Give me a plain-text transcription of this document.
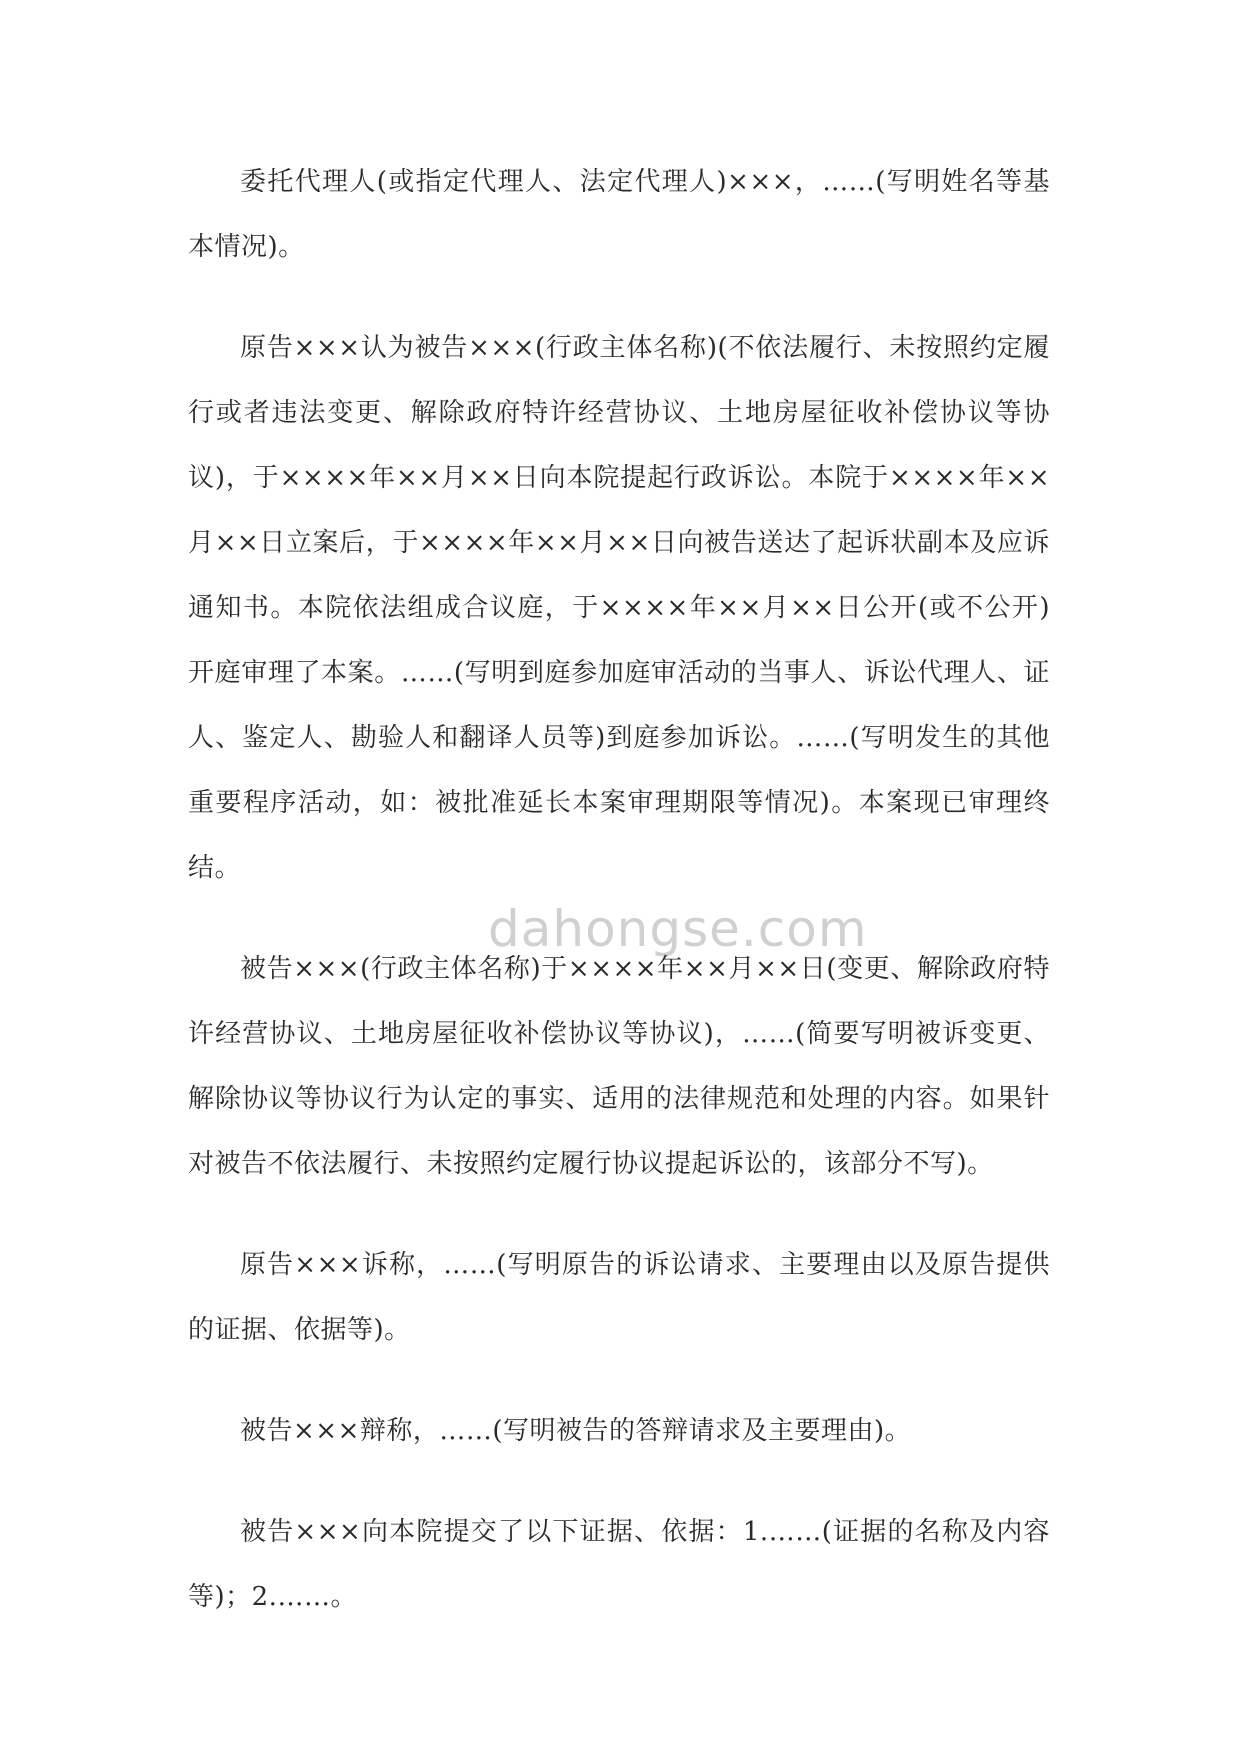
委托代理人(或指定代理人、法定代理人)×××，……(写明姓名等基本情况)。

原告×××认为被告×××(行政主体名称)(不依法履行、未按照约定履行或者违法变更、解除政府特许经营协议、土地房屋征收补偿协议等协议)，于××××年××月××日向本院提起行政诉讼。本院于××××年××月××日立案后，于××××年××月××日向被告送达了起诉状副本及应诉通知书。本院依法组成合议庭，于××××年××月××日公开(或不公开)开庭审理了本案。……(写明到庭参加庭审活动的当事人、诉讼代理人、证人、鉴定人、勘验人和翻译人员等)到庭参加诉讼。……(写明发生的其他重要程序活动，如：被批准延长本案审理期限等情况)。本案现已审理终结。

被告×××(行政主体名称)于××××年××月××日(变更、解除政府特许经营协议、土地房屋征收补偿协议等协议)，……(简要写明被诉变更、解除协议等协议行为认定的事实、适用的法律规范和处理的内容。如果针对被告不依法履行、未按照约定履行协议提起诉讼的，该部分不写)。

原告×××诉称，……(写明原告的诉讼请求、主要理由以及原告提供的证据、依据等)。

被告×××辩称，……(写明被告的答辩请求及主要理由)。

被告×××向本院提交了以下证据、依据：1.……(证据的名称及内容等)；2.……。

dahongse.com
